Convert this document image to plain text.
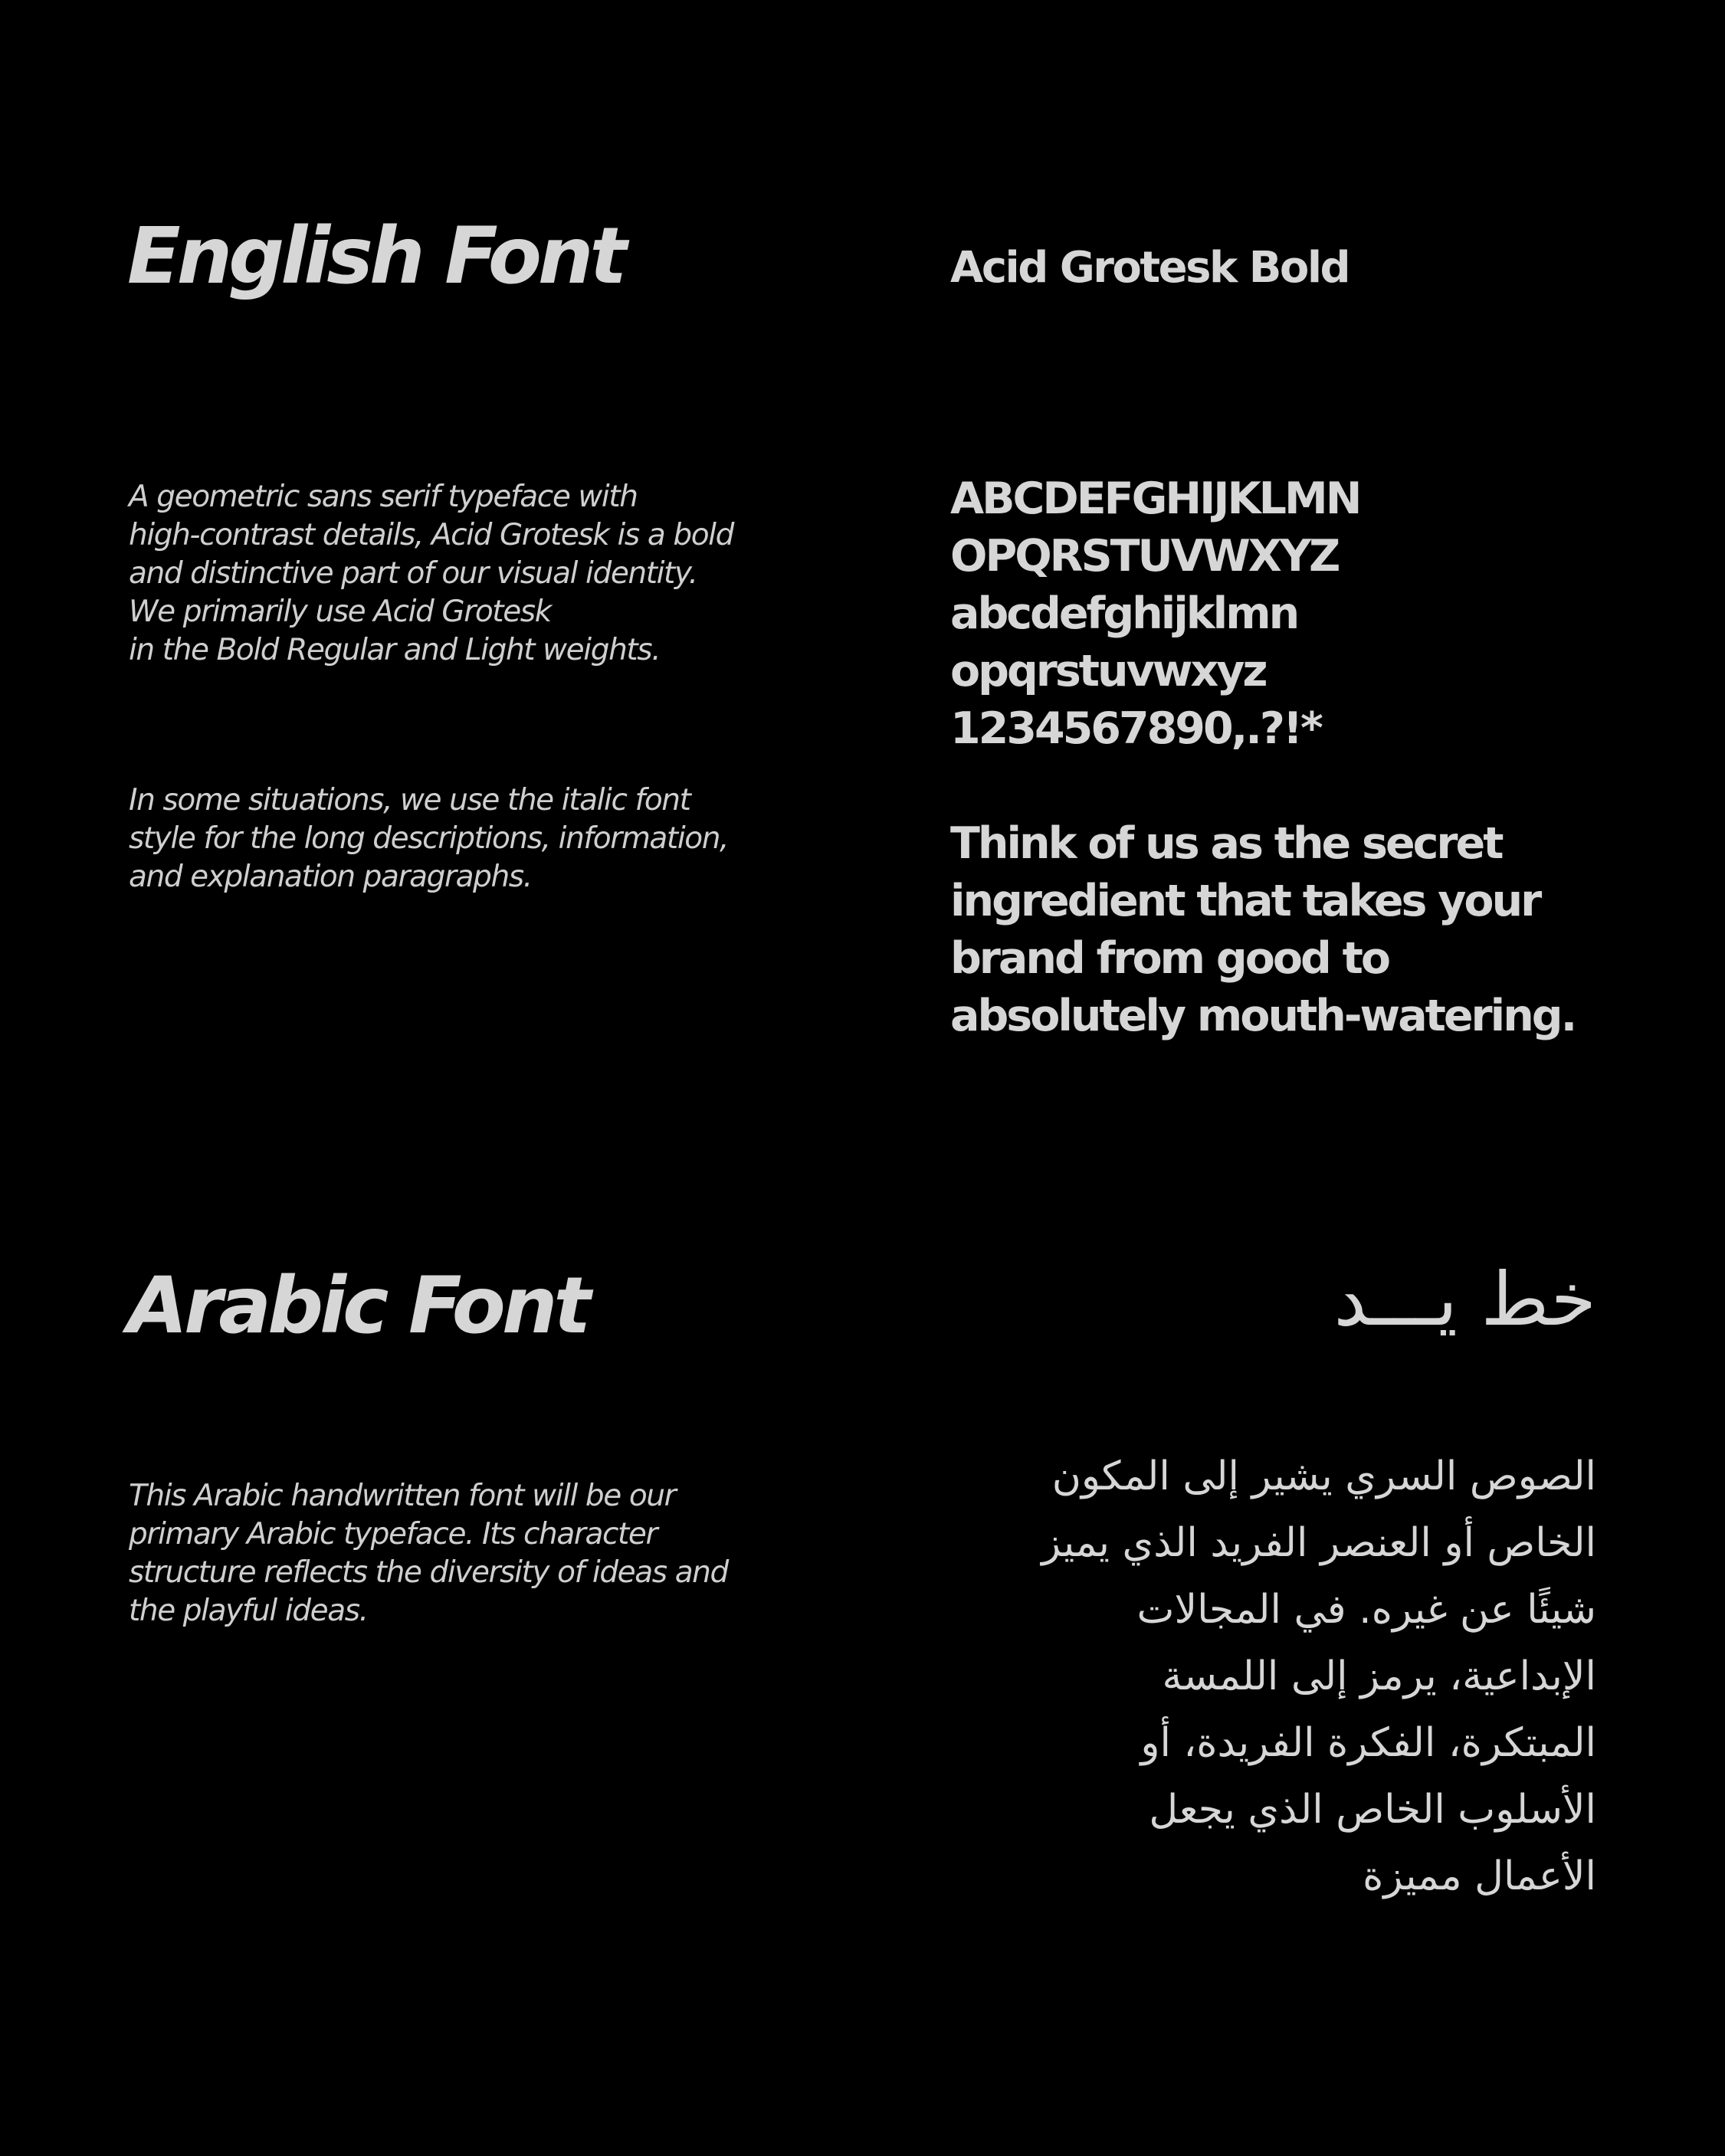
English Font	Acid Grotesk Bold
A geometric sans serif typeface with
high-contrast details, Acid Grotesk is a bold
and distinctive part of our visual identity.
We primarily use Acid Grotesk
in the Bold Regular and Light weights.
In some situations, we use the italic font
style for the long descriptions, information,
and explanation paragraphs.
ABCDEFGHIJKLMN
OPQRSTUVWXYZ
abcdefghijklmn
opqrstuvwxyz
1234567890,.?!*
Think of us as the secret
ingredient that takes your
brand from good to
absolutely mouth-watering.
Arabic Font	خط يـــد
This Arabic handwritten font will be our
primary Arabic typeface. Its character
structure reflects the diversity of ideas and
the playful ideas.
الصوص السري يشير إلى المكون
الخاص أو العنصر الفريد الذي يميز
شيئًا عن غيره. في المجالات
الإبداعية، يرمز إلى اللمسة
المبتكرة، الفكرة الفريدة، أو
الأسلوب الخاص الذي يجعل
الأعمال مميزة
